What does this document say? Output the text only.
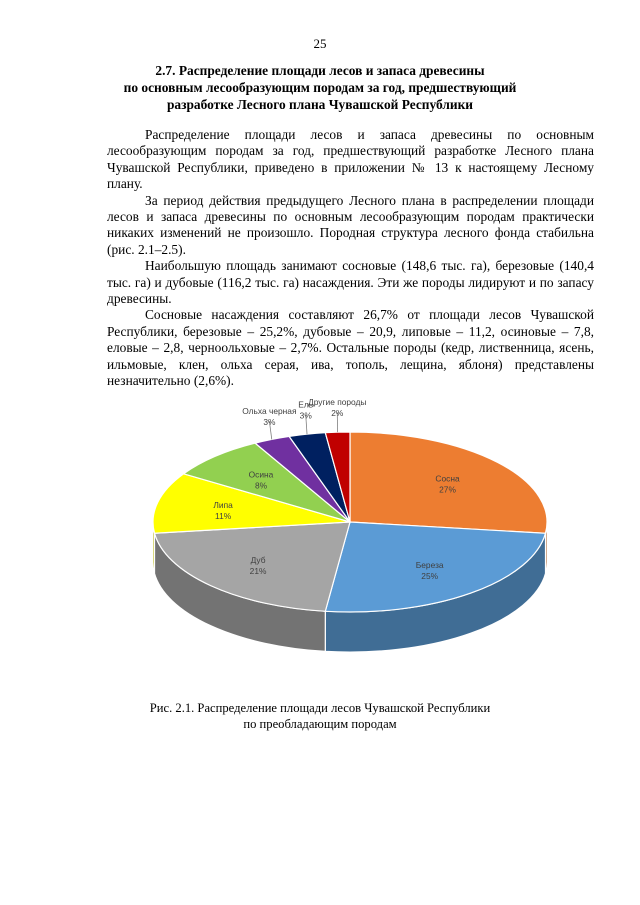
25
2.7. Распределение площади лесов и запаса древесины
по основным лесообразующим породам за год, предшествующий
разработке Лесного плана Чувашской Республики

Распределение площади лесов и запаса древесины по основным лесообразующим породам за год, предшествующий разработке Лесного плана Чувашской Республики, приведено в приложении № 13 к настоящему Лесному плану.

За период действия предыдущего Лесного плана в распределении площади лесов и запаса древесины по основным лесообразующим породам практически никаких изменений не произошло. Породная структура лесного фонда стабильна (рис. 2.1–2.5).

Наибольшую площадь занимают сосновые (148,6 тыс. га), березовые (140,4 тыс. га) и дубовые (116,2 тыс. га) насаждения. Эти же породы лидируют и по запасу древесины.

Сосновые насаждения составляют 26,7% от площади лесов Чувашской Республики, березовые – 25,2%, дубовые – 20,9, липовые – 11,2, осиновые – 7,8, еловые – 2,8, черноольховые – 2,7%. Остальные породы (кедр, лиственница, ясень, ильмовые, клен, ольха серая, ива, тополь, лещина, яблоня) представлены незначительно (2,6%).

Сосна
27%
Береза
25%
Дуб
21%
Липа
11%
Осина
8%
Ольха черная
3%
Ель
3%
Другие породы
2%
Рис. 2.1. Распределение площади лесов Чувашской Республики
по преобладающим породам
